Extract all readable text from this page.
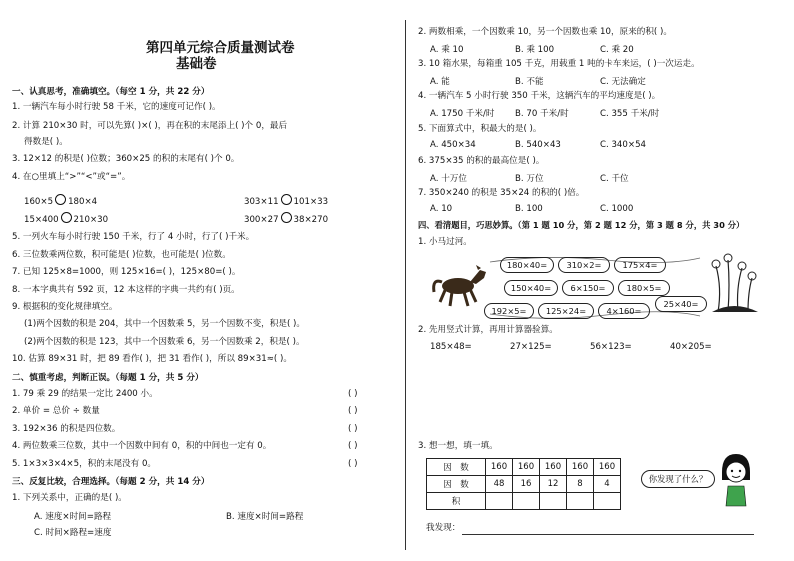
第四单元综合质量测试卷
基础卷
一、认真思考，准确填空。（每空 1 分，共 22 分）
1. 一辆汽车每小时行驶 58 千米，它的速度可记作( )。
2. 计算 210×30 时，可以先算( )×( )，再在积的末尾添上( )个 0，最后
得数是( )。
3. 12×12 的积是( )位数；360×25 的积的末尾有( )个 0。
4. 在○里填上“>”“<”或“=”。
160×5 180×4	303×11 101×33
15×400 210×30	300×27 38×270
5. 一列火车每小时行驶 150 千米，行了 4 小时，行了( )千米。
6. 三位数乘两位数，积可能是( )位数，也可能是( )位数。
7. 已知 125×8=1000，则 125×16=( )，125×80=( )。
8. 一本字典共有 592 页，12 本这样的字典一共约有( )页。
9. 根据积的变化规律填空。
(1)两个因数的积是 204，其中一个因数乘 5，另一个因数不变，积是( )。
(2)两个因数的积是 123，其中一个因数乘 6，另一个因数乘 2，积是( )。
10. 估算 89×31 时，把 89 看作( )，把 31 看作( )，所以 89×31≈( )。
二、慎重考虑，判断正误。（每题 1 分，共 5 分）
1. 79 乘 29 的结果一定比 2400 小。	( )
2. 单价 = 总价 ÷ 数量	( )
3. 192×36 的积是四位数。	( )
4. 两位数乘三位数，其中一个因数中间有 0，积的中间也一定有 0。	( )
5. 1×3×3×4×5，积的末尾没有 0。	( )
三、反复比较，合理选择。（每题 2 分，共 14 分）
1. 下列关系中，正确的是( )。
A. 速度×时间=路程	B. 速度×时间=路程
C. 时间×路程=速度
2. 两数相乘，一个因数乘 10，另一个因数也乘 10，原来的积( )。
A. 乘 10	B. 乘 100	C. 乘 20
3. 10 箱水果，每箱重 105 千克，用载重 1 吨的卡车来运，( )一次运走。
A. 能	B. 不能	C. 无法确定
4. 一辆汽车 5 小时行驶 350 千米，这辆汽车的平均速度是( )。
A. 1750 千米/时 B. 70 千米/时	C. 355 千米/时
5. 下面算式中，积最大的是( )。
A. 450×34	B. 540×43	C. 340×54
6. 375×35 的积的最高位是( )。
A. 十万位	B. 万位	C. 千位
7. 350×240 的积是 35×24 的积的( )倍。
A. 10	B. 100	C. 1000
四、看清题目，巧思妙算。（第 1 题 10 分，第 2 题 12 分，第 3 题 8 分，共 30 分）
1. 小马过河。
180×40=	310×2=	175×4=
150×40=	6×150=	180×5=
192×5=	125×24=	4×160=
25×40=
2. 先用竖式计算，再用计算器验算。
185×48=	27×125=	56×123=	40×205=
3. 想一想，填一填。
因　数	160	160	160	160	160
因　数	48	16	12	8	4
积					
你发现了什么？
我发现：
